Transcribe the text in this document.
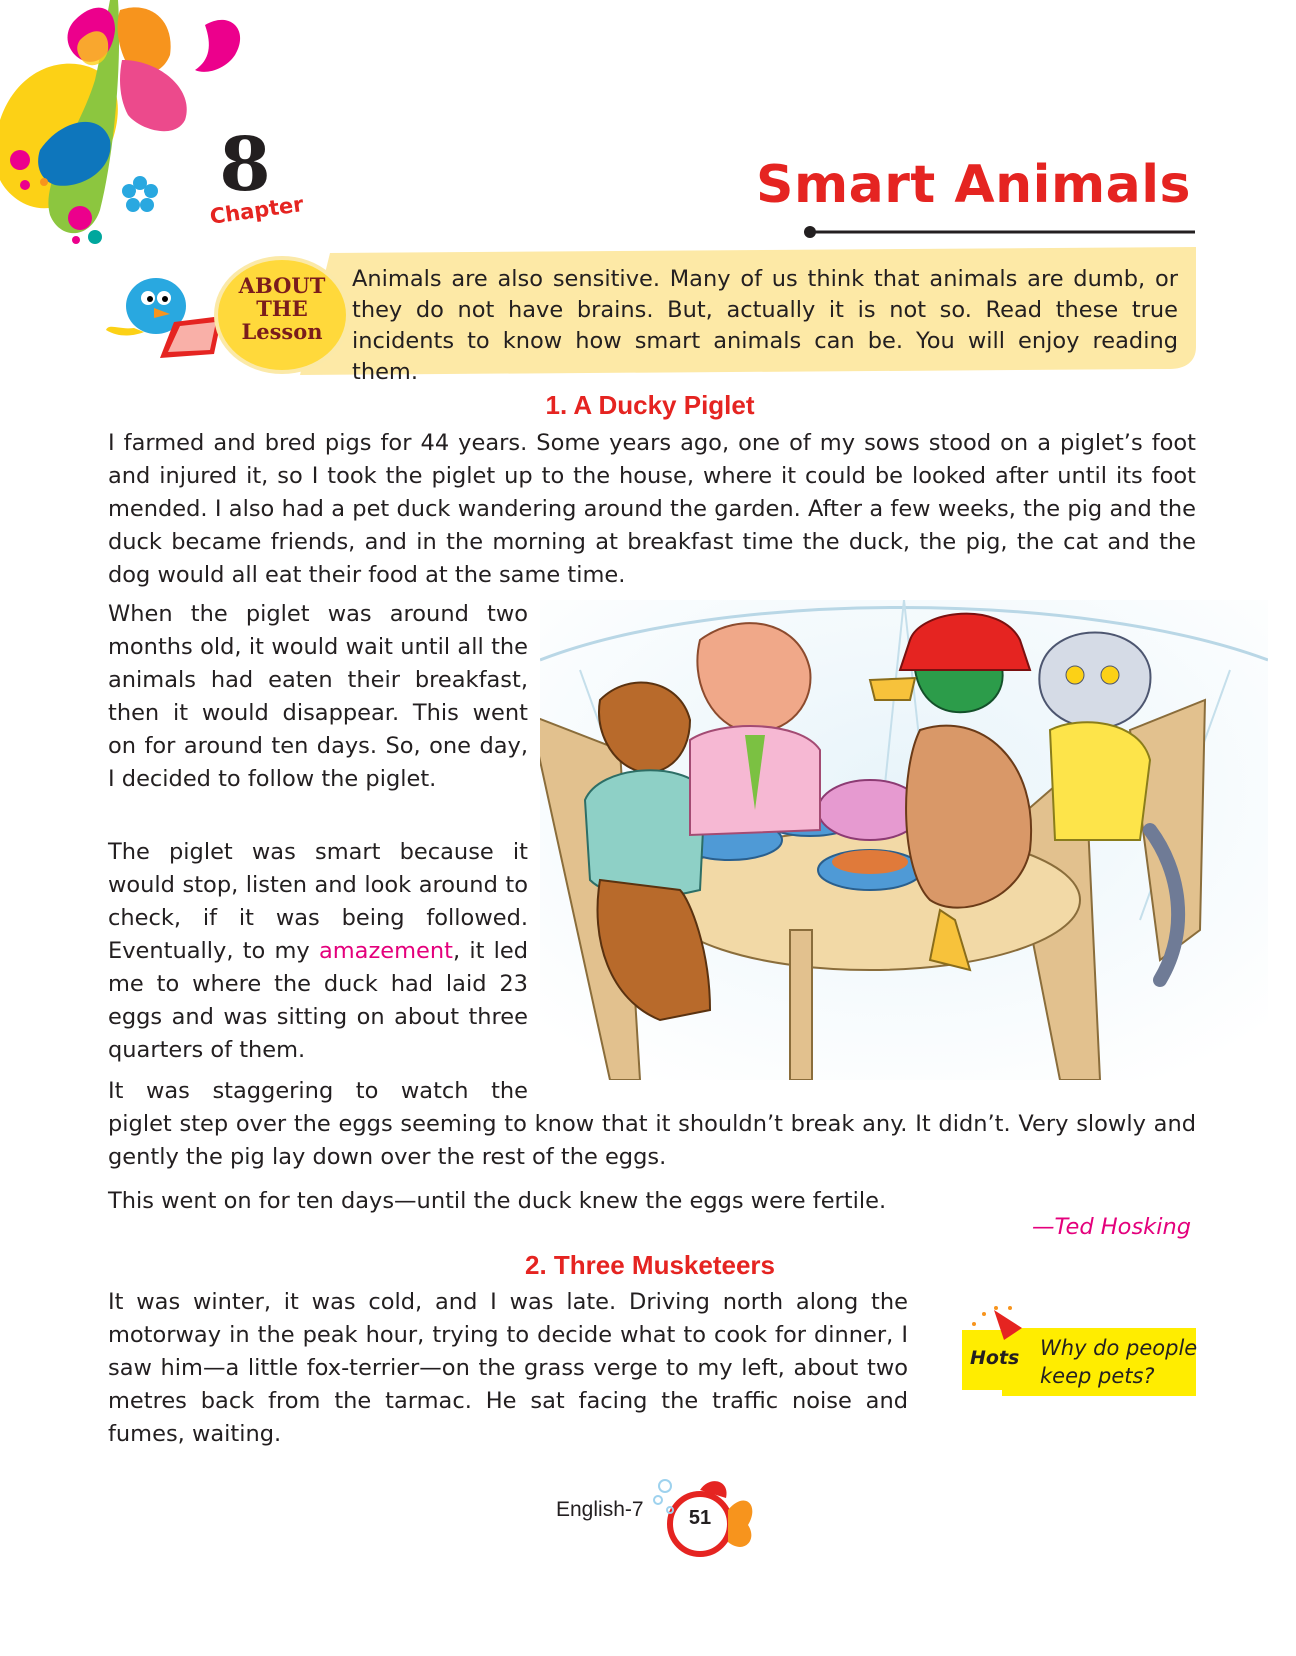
8
Chapter	Smart Animals
ABOUT
THE
Lesson
Animals are also sensitive. Many of us think that animals are dumb, or they do not have brains. But, actually it is not so. Read these true incidents to know how smart animals can be. You will enjoy reading them.
1. A Ducky Piglet

I farmed and bred pigs for 44 years. Some years ago, one of my sows stood on a piglet’s foot and injured it, so I took the piglet up to the house, where it could be looked after until its foot mended. I also had a pet duck wandering around the garden. After a few weeks, the pig and the duck became friends, and in the morning at breakfast time the duck, the pig, the cat and the dog would all eat their food at the same time.

When the piglet was around two months old, it would wait until all the animals had eaten their breakfast, then it would disappear. This went on for around ten days. So, one day, I decided to follow the piglet.

The piglet was smart because it would stop, listen and look around to check, if it was being followed. Eventually, to my amazement, it led me to where the duck had laid 23 eggs and was sitting on about three quarters of them.

It was staggering to watch the

piglet step over the eggs seeming to know that it shouldn’t break any. It didn’t. Very slowly and gently the pig lay down over the rest of the eggs.

This went on for ten days—until the duck knew the eggs were fertile.

—Ted Hosking
2. Three Musketeers

It was winter, it was cold, and I was late. Driving north along the motorway in the peak hour, trying to decide what to cook for dinner, I saw him—a little fox-terrier—on the grass verge to my left, about two metres back from the tarmac. He sat facing the traffic noise and fumes, waiting.

Hots Why do people keep pets?
English-7	51
